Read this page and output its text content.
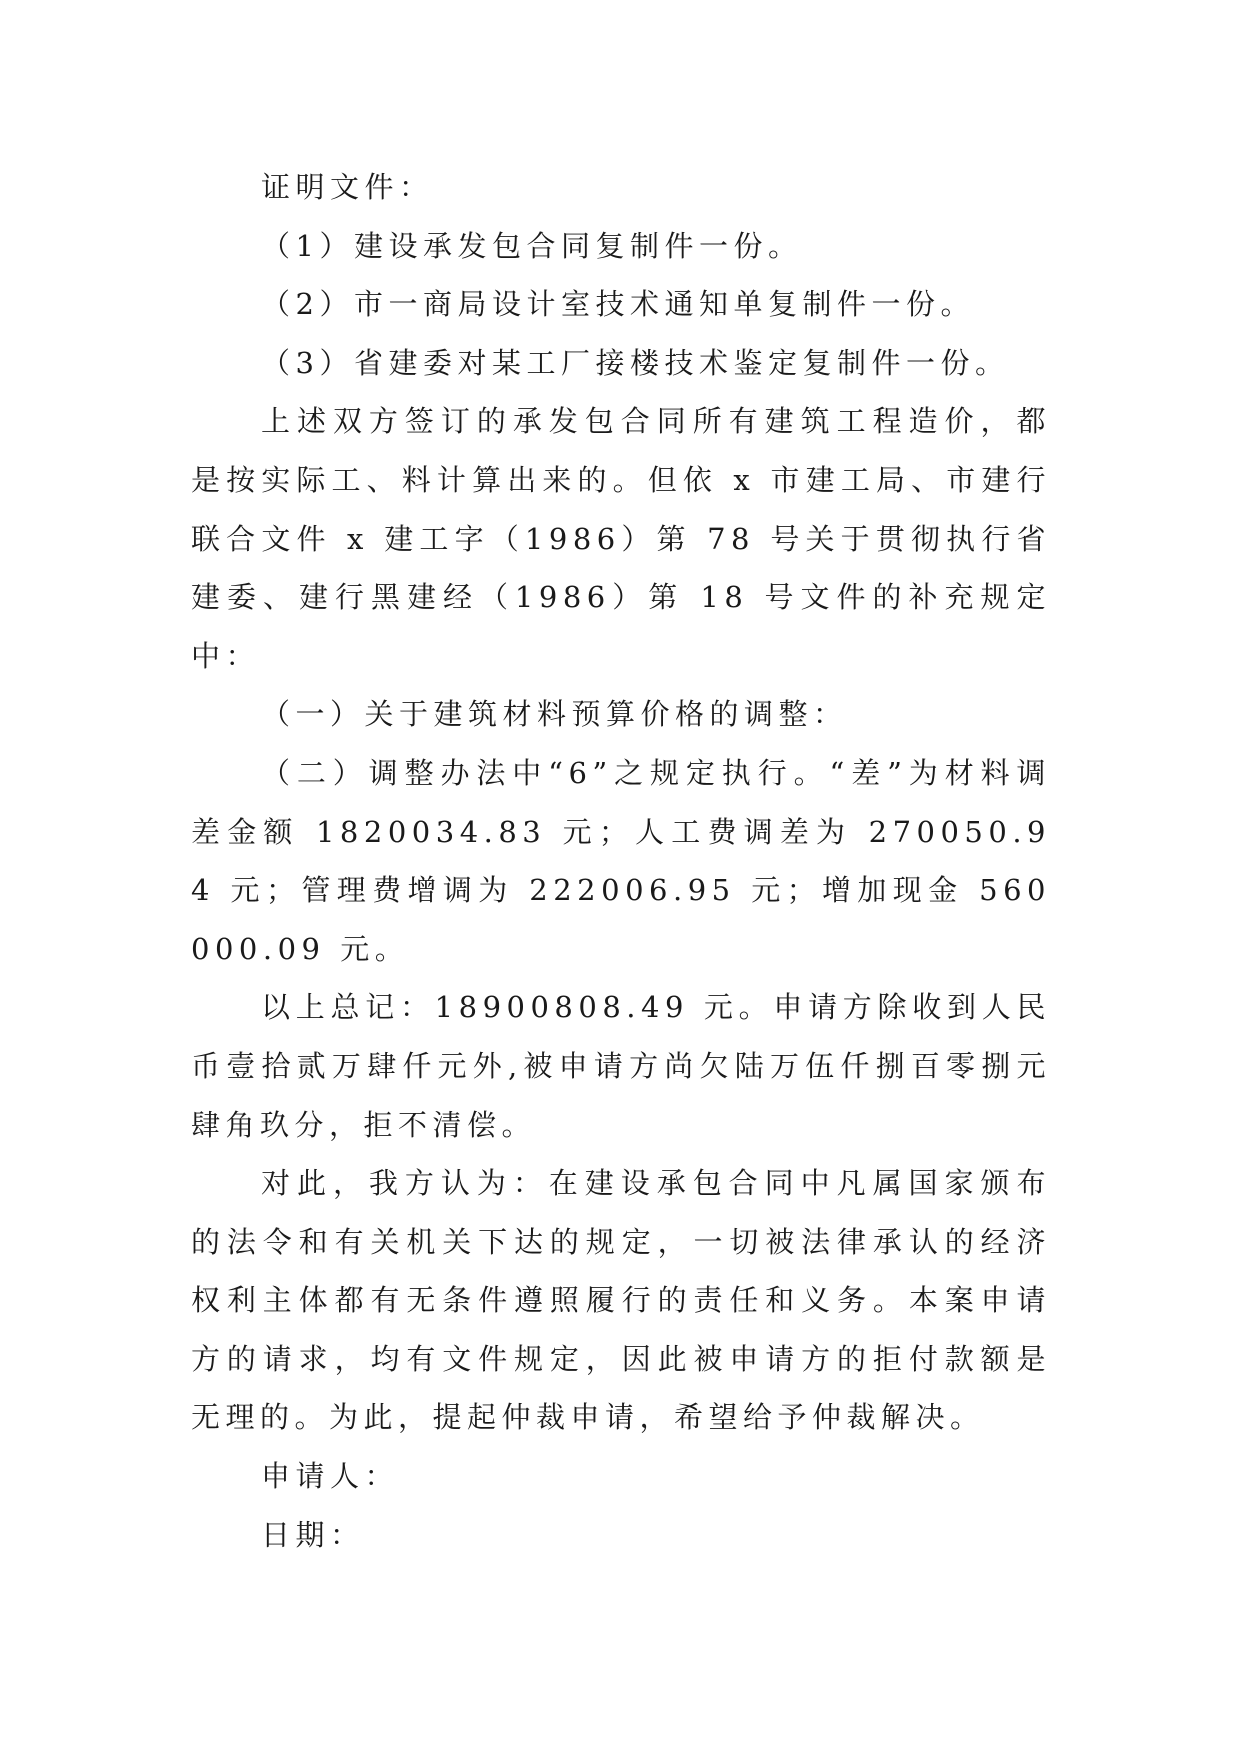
证明文件：

（1）建设承发包合同复制件一份。

（2）市一商局设计室技术通知单复制件一份。

（3）省建委对某工厂接楼技术鉴定复制件一份。

上述双方签订的承发包合同所有建筑工程造价，都是按实际工、料计算出来的。但依 x 市建工局、市建行联合文件 x 建工字（1986）第 78 号关于贯彻执行省建委、建行黑建经（1986）第 18 号文件的补充规定中：

（一）关于建筑材料预算价格的调整：

（二）调整办法中“6”之规定执行。“差”为材料调差金额 1820034.83 元；人工费调差为 270050.94 元；管理费增调为 222006.95 元；增加现金 560000.09 元。

以上总记：18900808.49 元。申请方除收到人民币壹拾贰万肆仟元外,被申请方尚欠陆万伍仟捌百零捌元肆角玖分，拒不清偿。

对此，我方认为：在建设承包合同中凡属国家颁布的法令和有关机关下达的规定，一切被法律承认的经济权利主体都有无条件遵照履行的责任和义务。本案申请方的请求，均有文件规定，因此被申请方的拒付款额是无理的。为此，提起仲裁申请，希望给予仲裁解决。

申请人：

日期：
